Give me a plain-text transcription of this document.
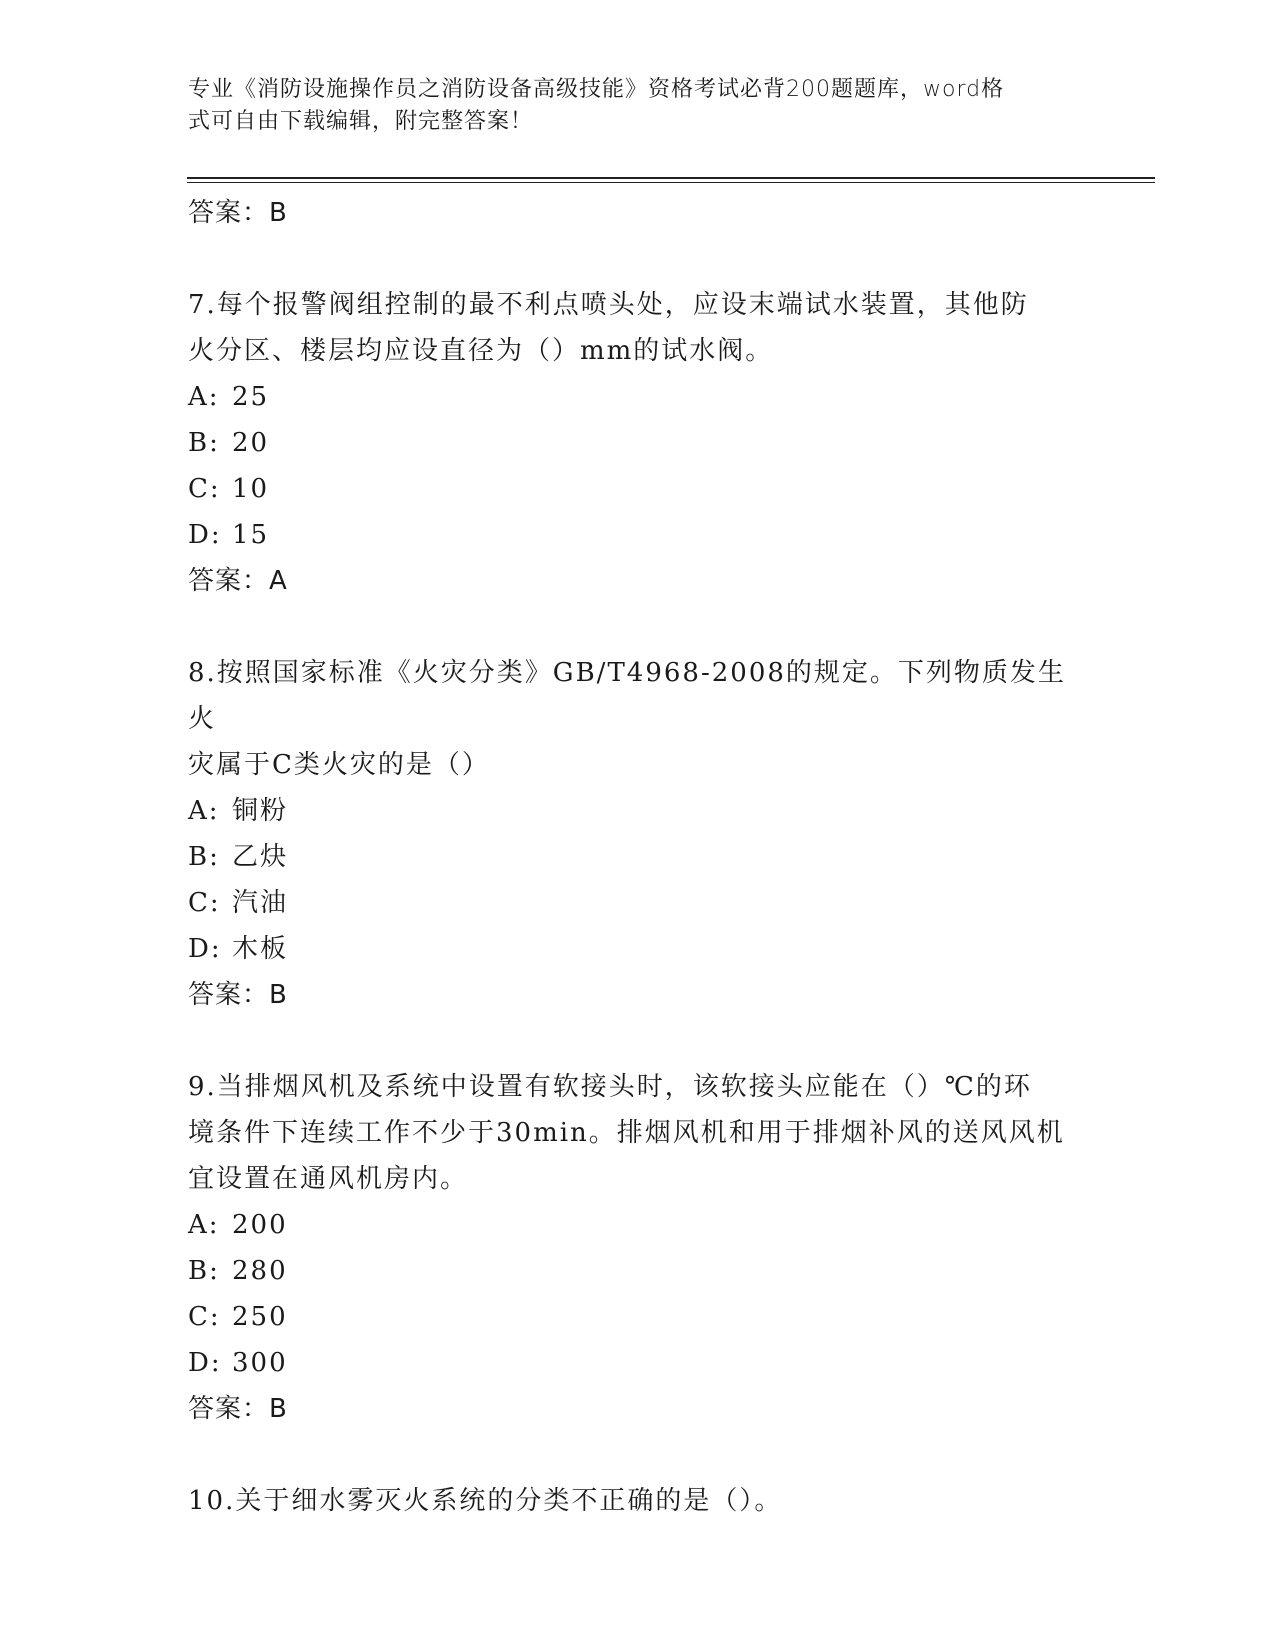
专业《消防设施操作员之消防设备高级技能》资格考试必背200题题库，word格
式可自由下载编辑，附完整答案！
答案：B
7.每个报警阀组控制的最不利点喷头处，应设末端试水装置，其他防
火分区、楼层均应设直径为（）mm的试水阀。
A: 25
B: 20
C: 10
D: 15
答案：A
8.按照国家标准《火灾分类》GB/T4968-2008的规定。下列物质发生火
灾属于C类火灾的是（）
A: 铜粉
B: 乙炔
C: 汽油
D: 木板
答案：B
9.当排烟风机及系统中设置有软接头时，该软接头应能在（）℃的环
境条件下连续工作不少于30min。排烟风机和用于排烟补风的送风风机
宜设置在通风机房内。
A: 200
B: 280
C: 250
D: 300
答案：B
10.关于细水雾灭火系统的分类不正确的是（）。
